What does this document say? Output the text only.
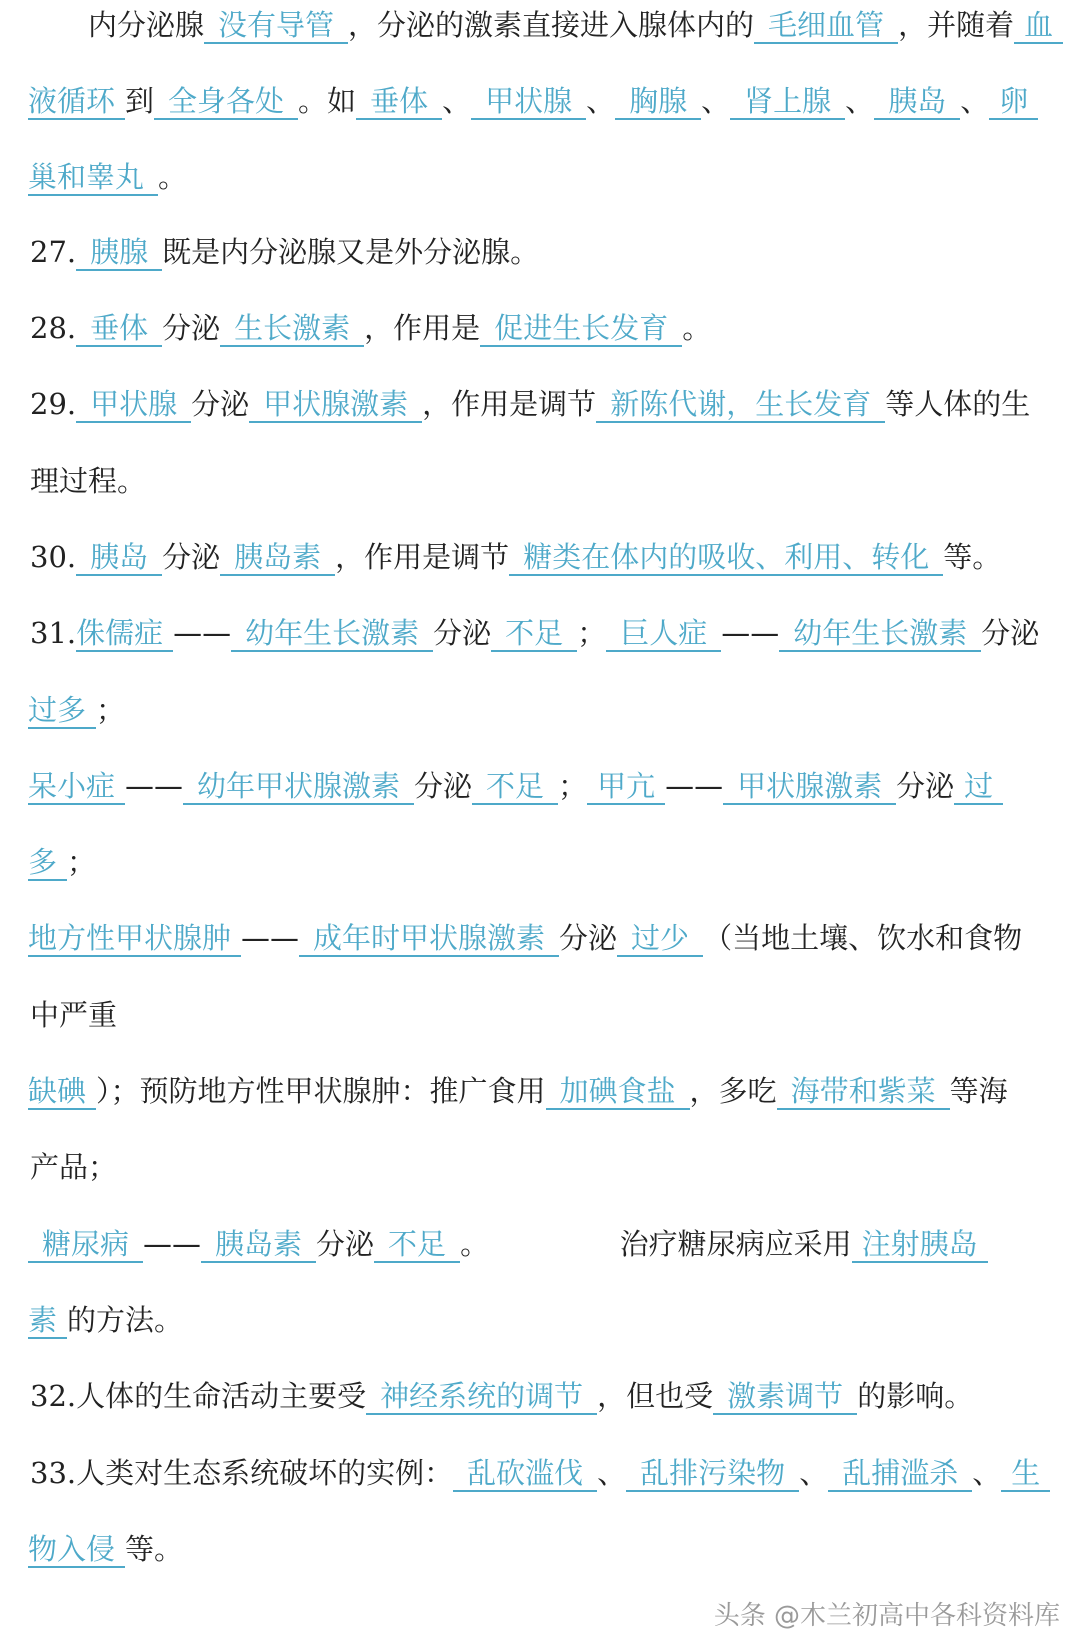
　　内分泌腺 没有导管 ，分泌的激素直接进入腺体内的 毛细血管 ，并随着 血
液循环 到 全身各处 。如 垂体 、 甲状腺 、 胸腺 、 肾上腺 、 胰岛 、 卵
巢和睾丸 。
27. 胰腺 既是内分泌腺又是外分泌腺。
28. 垂体 分泌 生长激素 ，作用是 促进生长发育 。
29. 甲状腺 分泌 甲状腺激素 ，作用是调节 新陈代谢，生长发育 等人体的生
理过程。
30. 胰岛 分泌 胰岛素 ，作用是调节 糖类在体内的吸收、利用、转化 等。
31.侏儒症 —— 幼年生长激素 分泌 不足 ； 巨人症 —— 幼年生长激素 分泌
过多 ；
呆小症 —— 幼年甲状腺激素 分泌 不足 ； 甲亢 —— 甲状腺激素 分泌 过
多 ；
地方性甲状腺肿 —— 成年时甲状腺激素 分泌 过少 （当地土壤、饮水和食物
中严重
缺碘 ）；预防地方性甲状腺肿：推广食用 加碘食盐 ，多吃 海带和紫菜 等海
产品；
糖尿病 —— 胰岛素 分泌 不足 。　　　　　治疗糖尿病应采用 注射胰岛
素 的方法。
32.人体的生命活动主要受 神经系统的调节 ，但也受 激素调节 的影响。
33.人类对生态系统破坏的实例： 乱砍滥伐 、 乱排污染物 、 乱捕滥杀 、 生
物入侵 等。
头条 @木兰初高中各科资料库
